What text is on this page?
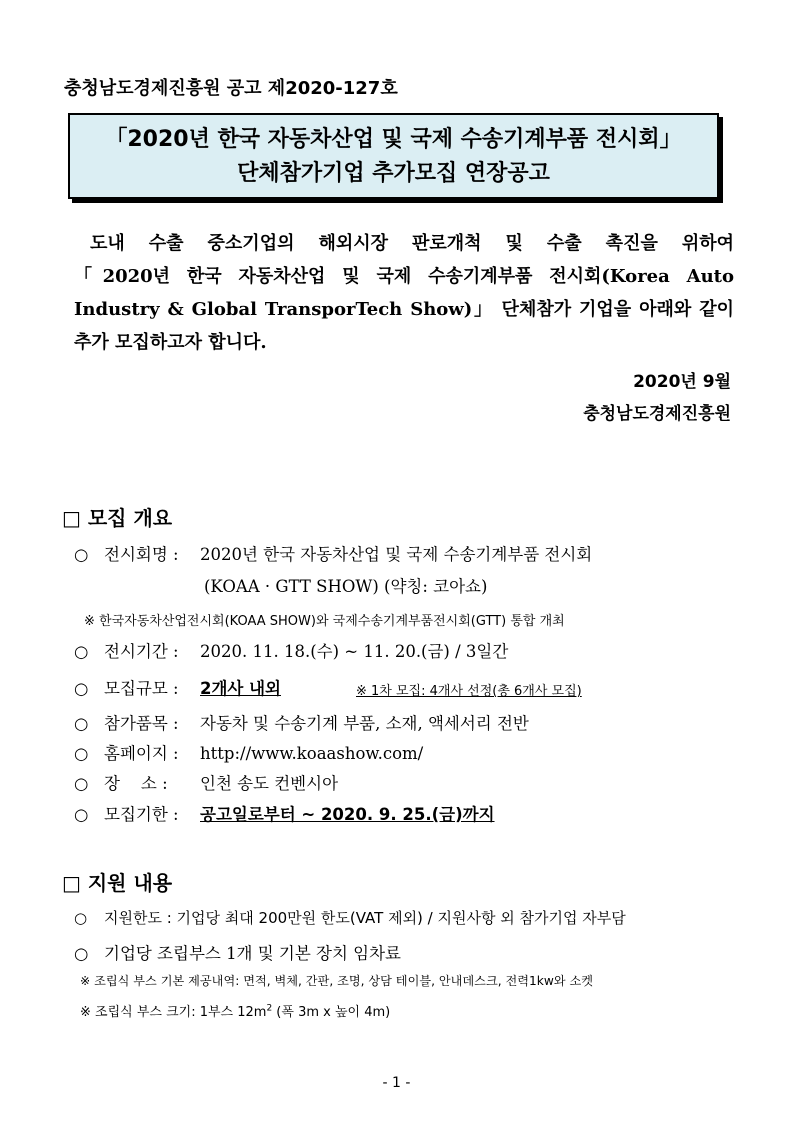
충청남도경제진흥원 공고 제2020-127호
「2020년 한국 자동차산업 및 국제 수송기계부품 전시회」
단체참가기업 추가모집 연장공고
도내 수출 중소기업의 해외시장 판로개척 및 수출 촉진을 위하여
「2020년 한국 자동차산업 및 국제 수송기계부품 전시회(Korea Auto
Industry & Global TransporTech Show)」 단체참가 기업을 아래와 같이
추가 모집하고자 합니다.
2020년 9월
충청남도경제진흥원
□ 모집 개요
○ 전시회명 : 2020년 한국 자동차산업 및 국제 수송기계부품 전시회
(KOAA · GTT SHOW) (약칭: 코아쇼)
※ 한국자동차산업전시회(KOAA SHOW)와 국제수송기계부품전시회(GTT) 통합 개최
○ 전시기간 : 2020. 11. 18.(수) ~ 11. 20.(금) / 3일간
○ 모집규모 : 2개사 내외	※ 1차 모집: 4개사 선정(총 6개사 모집)
○ 참가품목 : 자동차 및 수송기계 부품, 소재, 액세서리 전반
○ 홈페이지 : http://www.koaashow.com/
○ 장    소 : 인천 송도 컨벤시아
○ 모집기한 : 공고일로부터 ~ 2020. 9. 25.(금)까지
□ 지원 내용
○ 지원한도 : 기업당 최대 200만원 한도(VAT 제외) / 지원사항 외 참가기업 자부담
○ 기업당 조립부스 1개 및 기본 장치 임차료
※ 조립식 부스 기본 제공내역: 면적, 벽체, 간판, 조명, 상담 테이블, 안내데스크, 전력1kw와 소켓
※ 조립식 부스 크기: 1부스 $12m^2$ (폭 3m x 높이 4m)
- 1 -
